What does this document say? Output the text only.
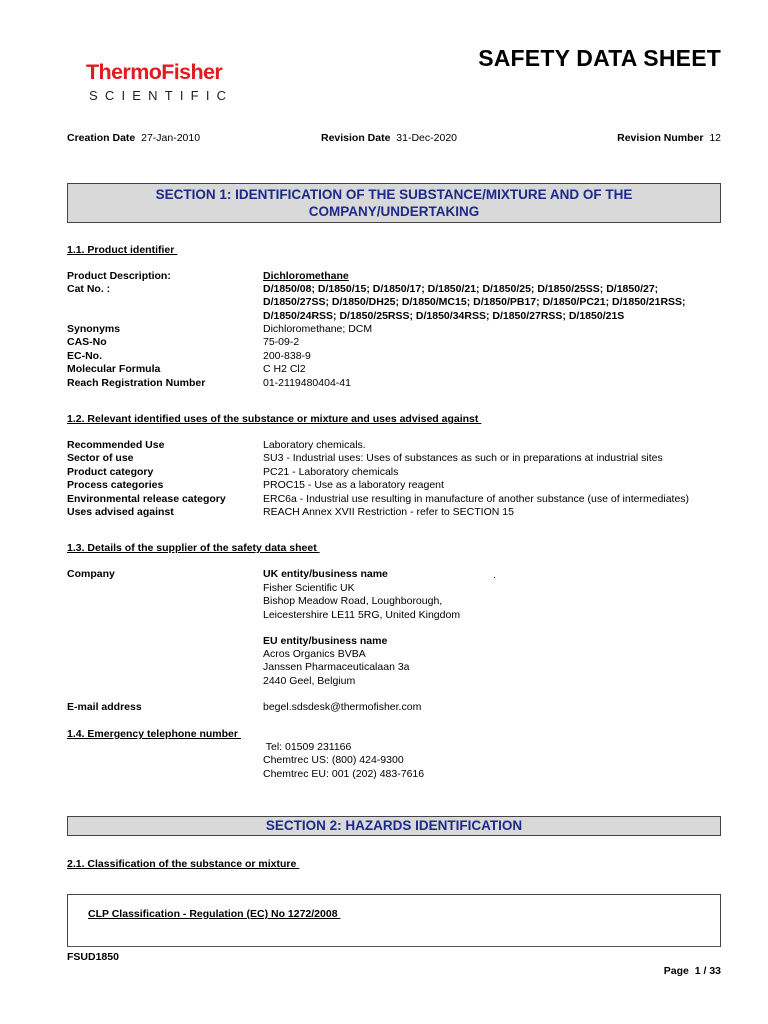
ThermoFisher
SCIENTIFIC
SAFETY DATA SHEET
Creation Date 27-Jan-2010	Revision Date 31-Dec-2020	Revision Number 12
SECTION 1: IDENTIFICATION OF THE SUBSTANCE/MIXTURE AND OF THE COMPANY/UNDERTAKING
1.1. Product identifier
Product Description:	Dichloromethane
Cat No. :	D/1850/08; D/1850/15; D/1850/17; D/1850/21; D/1850/25; D/1850/25SS; D/1850/27; D/1850/27SS; D/1850/DH25; D/1850/MC15; D/1850/PB17; D/1850/PC21; D/1850/21RSS; D/1850/24RSS; D/1850/25RSS; D/1850/34RSS; D/1850/27RSS; D/1850/21S
Synonyms	Dichloromethane; DCM
CAS-No	75-09-2
EC-No.	200-838-9
Molecular Formula	C H2 Cl2
Reach Registration Number	01-2119480404-41
1.2. Relevant identified uses of the substance or mixture and uses advised against
Recommended Use	Laboratory chemicals.
Sector of use	SU3 - Industrial uses: Uses of substances as such or in preparations at industrial sites
Product category	PC21 - Laboratory chemicals
Process categories	PROC15 - Use as a laboratory reagent
Environmental release category	ERC6a - Industrial use resulting in manufacture of another substance (use of intermediates)
Uses advised against	REACH Annex XVII Restriction - refer to SECTION 15
1.3. Details of the supplier of the safety data sheet
Company	UK entity/business name	.
Fisher Scientific UK
Bishop Meadow Road, Loughborough,
Leicestershire LE11 5RG, United Kingdom
EU entity/business name
Acros Organics BVBA
Janssen Pharmaceuticalaan 3a
2440 Geel, Belgium
E-mail address	begel.sdsdesk@thermofisher.com
1.4. Emergency telephone number
Tel: 01509 231166
Chemtrec US: (800) 424-9300
Chemtrec EU: 001 (202) 483-7616
SECTION 2: HAZARDS IDENTIFICATION
2.1. Classification of the substance or mixture
CLP Classification - Regulation (EC) No 1272/2008
FSUD1850
Page  1 / 33
